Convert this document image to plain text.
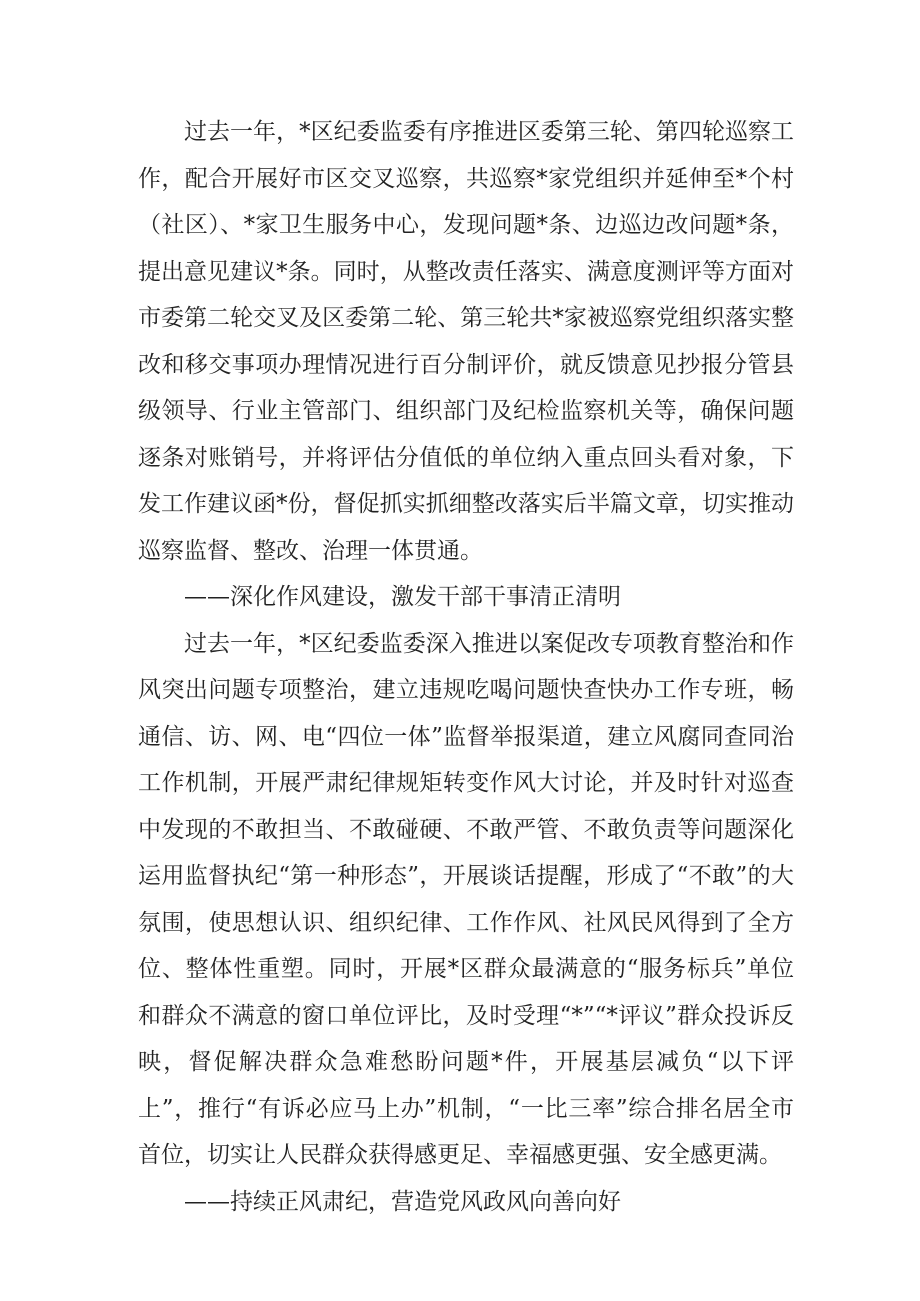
过去一年，*区纪委监委有序推进区委第三轮、第四轮巡察工作，配合开展好市区交叉巡察，共巡察*家党组织并延伸至*个村（社区）、*家卫生服务中心，发现问题*条、边巡边改问题*条，提出意见建议*条。同时，从整改责任落实、满意度测评等方面对市委第二轮交叉及区委第二轮、第三轮共*家被巡察党组织落实整改和移交事项办理情况进行百分制评价，就反馈意见抄报分管县级领导、行业主管部门、组织部门及纪检监察机关等，确保问题逐条对账销号，并将评估分值低的单位纳入重点回头看对象，下发工作建议函*份，督促抓实抓细整改落实后半篇文章，切实推动巡察监督、整改、治理一体贯通。

——深化作风建设，激发干部干事清正清明

过去一年，*区纪委监委深入推进以案促改专项教育整治和作风突出问题专项整治，建立违规吃喝问题快查快办工作专班，畅通信、访、网、电“四位一体”监督举报渠道，建立风腐同查同治工作机制，开展严肃纪律规矩转变作风大讨论，并及时针对巡查中发现的不敢担当、不敢碰硬、不敢严管、不敢负责等问题深化运用监督执纪“第一种形态”，开展谈话提醒，形成了“不敢”的大氛围，使思想认识、组织纪律、工作作风、社风民风得到了全方位、整体性重塑。同时，开展*区群众最满意的“服务标兵”单位和群众不满意的窗口单位评比，及时受理“*”“*评议”群众投诉反映，督促解决群众急难愁盼问题*件，开展基层减负“以下评上”，推行“有诉必应马上办”机制，“一比三率”综合排名居全市首位，切实让人民群众获得感更足、幸福感更强、安全感更满。

——持续正风肃纪，营造党风政风向善向好
